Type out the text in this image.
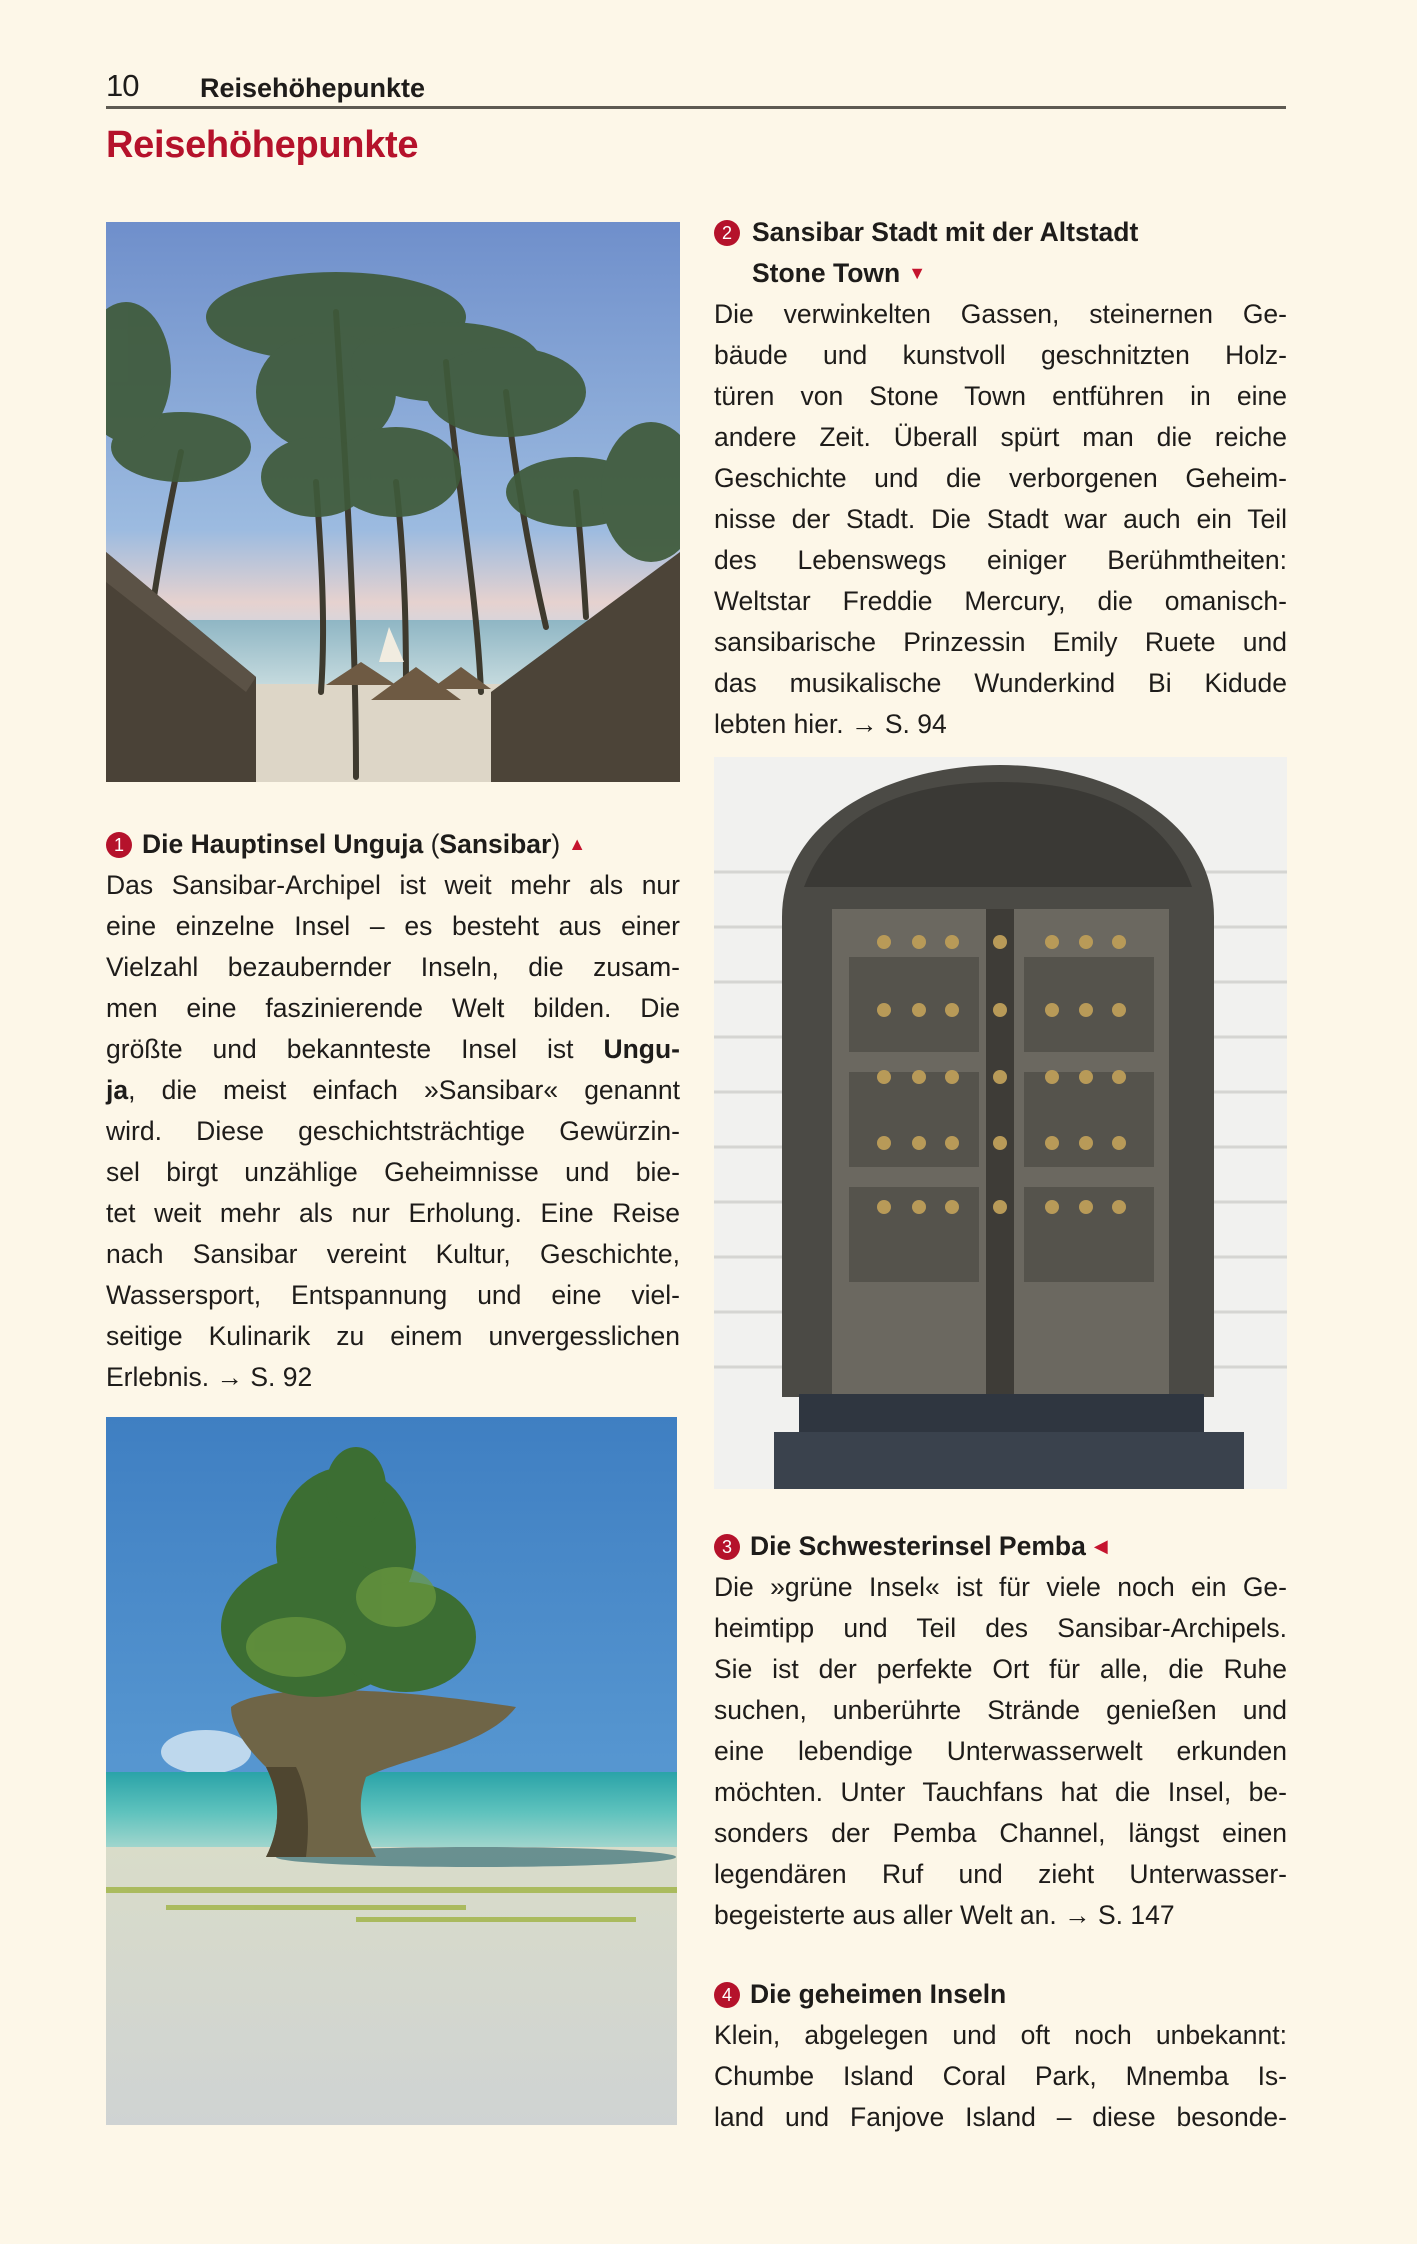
10 Reisehöhepunkte
Reisehöhepunkte
1 Die Hauptinsel Unguja (Sansibar) ▲

Das Sansibar-Archipel ist weit mehr als nur
eine einzelne Insel – es besteht aus einer
Vielzahl bezaubernder Inseln, die zusam-
men eine faszinierende Welt bilden. Die
größte und bekannteste Insel ist Ungu-
ja, die meist einfach »Sansibar« genannt
wird. Diese geschichtsträchtige Gewürzin-
sel birgt unzählige Geheimnisse und bie-
tet weit mehr als nur Erholung. Eine Reise
nach Sansibar vereint Kultur, Geschichte,
Wassersport, Entspannung und eine viel-
seitige Kulinarik zu einem unvergesslichen
Erlebnis. → S. 92

2 Sansibar Stadt mit der Altstadt
Stone Town ▼

Die verwinkelten Gassen, steinernen Ge-
bäude und kunstvoll geschnitzten Holz-
türen von Stone Town entführen in eine
andere Zeit. Überall spürt man die reiche
Geschichte und die verborgenen Geheim-
nisse der Stadt. Die Stadt war auch ein Teil
des Lebenswegs einiger Berühmtheiten:
Weltstar Freddie Mercury, die omanisch-
sansibarische Prinzessin Emily Ruete und
das musikalische Wunderkind Bi Kidude
lebten hier. → S. 94

3 Die Schwesterinsel Pemba ◀

Die »grüne Insel« ist für viele noch ein Ge-
heimtipp und Teil des Sansibar-Archipels.
Sie ist der perfekte Ort für alle, die Ruhe
suchen, unberührte Strände genießen und
eine lebendige Unterwasserwelt erkunden
möchten. Unter Tauchfans hat die Insel, be-
sonders der Pemba Channel, längst einen
legendären Ruf und zieht Unterwasser-
begeisterte aus aller Welt an. → S. 147

4 Die geheimen Inseln

Klein, abgelegen und oft noch unbekannt:
Chumbe Island Coral Park, Mnemba Is-
land und Fanjove Island – diese besonde-
